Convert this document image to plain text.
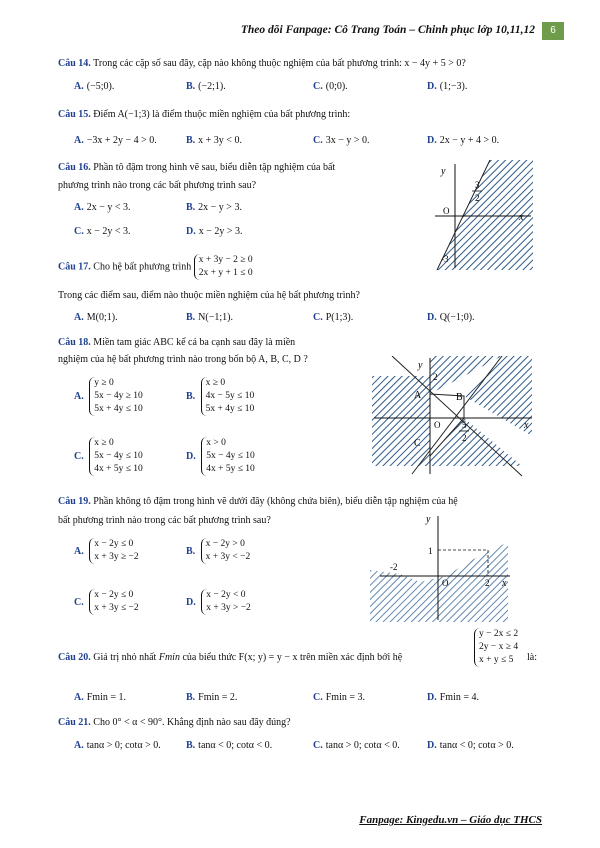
Theo dõi Fanpage: Cô Trang Toán – Chinh phục lớp 10,11,12	6
Câu 14. Trong các cặp số sau đây, cặp nào không thuộc nghiệm của bất phương trình: x − 4y + 5 > 0?
A. (−5;0).	B. (−2;1).	C. (0;0).	D. (1;−3).
Câu 15. Điểm A(−1;3) là điểm thuộc miền nghiệm của bất phương trình:
A. −3x + 2y − 4 > 0.	B. x + 3y < 0.	C. 3x − y > 0.	D. 2x − y + 4 > 0.
Câu 16. Phần tô đậm trong hình vẽ sau, biểu diễn tập nghiệm của bất
phương trình nào trong các bất phương trình sau?
A. 2x − y < 3.	B. 2x − y > 3.
C. x − 2y < 3.	D. x − 2y > 3.
y
x
O
3
2
-3
Câu 17. Cho hệ bất phương trình x + 3y − 2 ≥ 0
2x + y + 1 ≤ 0
Trong các điểm sau, điểm nào thuộc miền nghiệm của hệ bất phương trình?
A. M(0;1).	B. N(−1;1).	C. P(1;3).	D. Q(−1;0).
Câu 18. Miền tam giác ABC kể cả ba cạnh sau đây là miền
nghiệm của hệ bất phương trình nào trong bốn bộ A, B, C, D ?
A. y ≥ 0
5x − 4y ≥ 10
5x + 4y ≤ 10
B. x ≥ 0
4x − 5y ≤ 10
5x + 4y ≤ 10
C. x ≥ 0
5x − 4y ≤ 10
4x + 5y ≤ 10
D. x > 0
5x − 4y ≤ 10
4x + 5y ≤ 10
y
x
O
2
5
2
A	B
C
Câu 19. Phần không tô đậm trong hình vẽ dưới đây (không chứa biên), biểu diễn tập nghiệm của hệ
bất phương trình nào trong các bất phương trình sau?
A. x − 2y ≤ 0
x + 3y ≥ −2
B. x − 2y > 0
x + 3y < −2
C. x − 2y ≤ 0
x + 3y ≤ −2
D. x − 2y < 0
x + 3y > −2
y
x
O
1
-2
2
Câu 20. Giá trị nhỏ nhất Fmin của biểu thức F(x; y) = y − x trên miền xác định bởi hệ
y − 2x ≤ 2
2y − x ≥ 4
x + y ≤ 5	là:
A. Fmin = 1.	B. Fmin = 2.	C. Fmin = 3.	D. Fmin = 4.
Câu 21. Cho 0° < α < 90°. Khẳng định nào sau đây đúng?
A. tanα > 0; cotα > 0.	B. tanα < 0; cotα < 0.	C. tanα > 0; cotα < 0.	D. tanα < 0; cotα > 0.
Fanpage: Kingedu.vn – Giáo dục THCS
